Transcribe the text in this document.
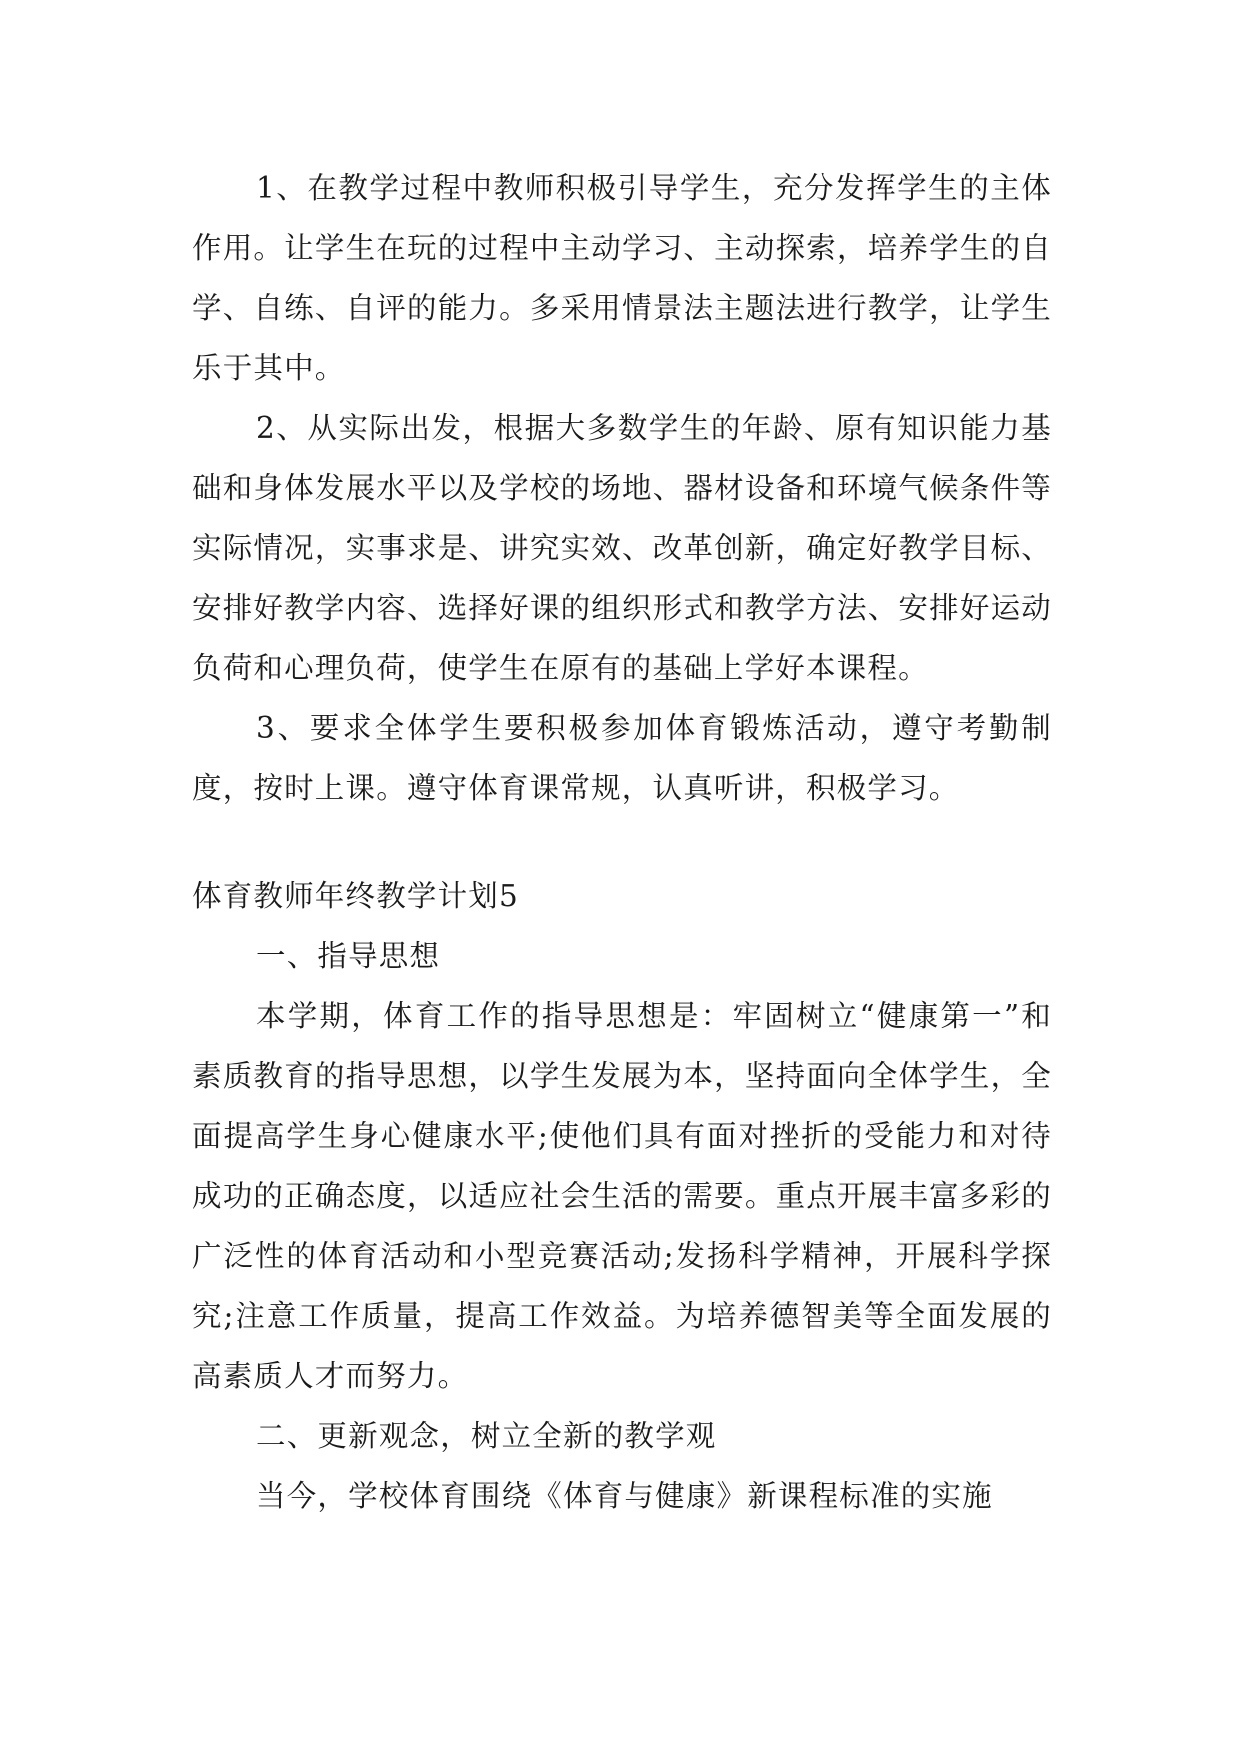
1、在教学过程中教师积极引导学生，充分发挥学生的主体作用。让学生在玩的过程中主动学习、主动探索，培养学生的自学、自练、自评的能力。多采用情景法主题法进行教学，让学生乐于其中。

2、从实际出发，根据大多数学生的年龄、原有知识能力基础和身体发展水平以及学校的场地、器材设备和环境气候条件等实际情况，实事求是、讲究实效、改革创新，确定好教学目标、安排好教学内容、选择好课的组织形式和教学方法、安排好运动负荷和心理负荷，使学生在原有的基础上学好本课程。

3、要求全体学生要积极参加体育锻炼活动，遵守考勤制度，按时上课。遵守体育课常规，认真听讲，积极学习。

体育教师年终教学计划5

一、指导思想

本学期，体育工作的指导思想是：牢固树立“健康第一”和素质教育的指导思想，以学生发展为本，坚持面向全体学生，全面提高学生身心健康水平;使他们具有面对挫折的受能力和对待成功的正确态度，以适应社会生活的需要。重点开展丰富多彩的广泛性的体育活动和小型竞赛活动;发扬科学精神，开展科学探究;注意工作质量，提高工作效益。为培养德智美等全面发展的高素质人才而努力。

二、更新观念，树立全新的教学观

当今，学校体育围绕《体育与健康》新课程标准的实施
